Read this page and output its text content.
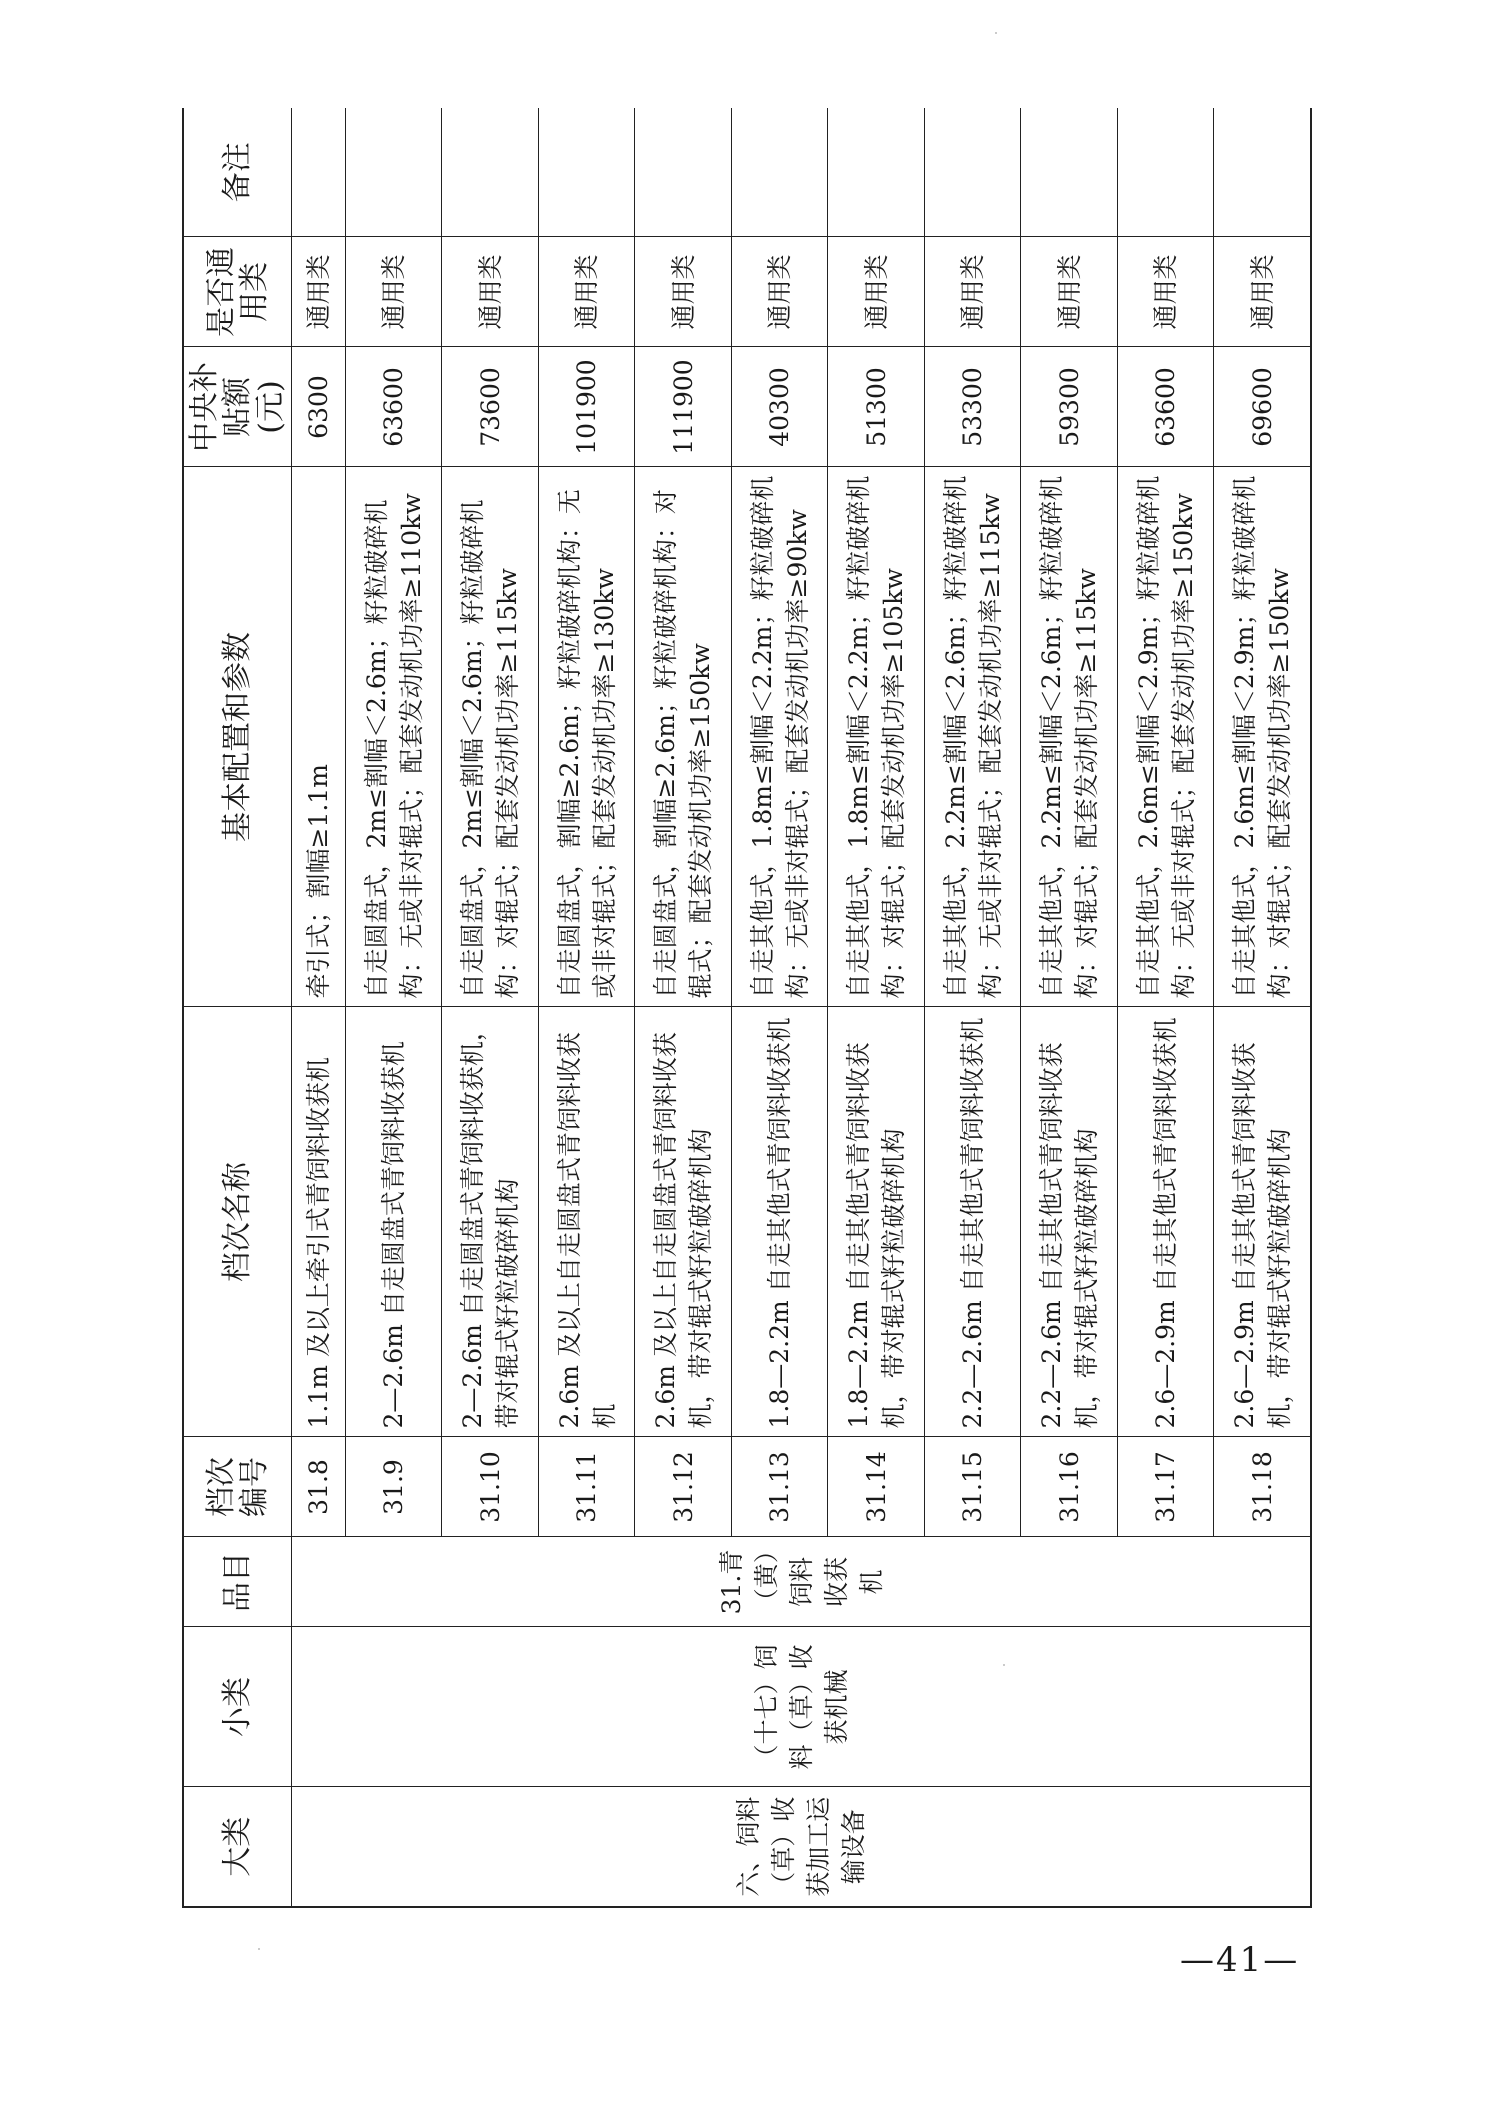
大类	小类	品目	档次编号	档次名称	基本配置和参数	中央补贴额(元)	是否通用类	备注
六、饲料（草）收获加工运输设备	（十七）饲料（草）收获机械	31.青（黄）饲料收获机	31.8	1.1m 及以上牵引式青饲料收获机	牵引式；割幅≥1.1m	6300	通用类	
			31.9	2—2.6m 自走圆盘式青饲料收获机	自走圆盘式，2m≤割幅＜2.6m；籽粒破碎机构：无或非对辊式；配套发动机功率≥110kw	63600	通用类	
			31.10	2—2.6m 自走圆盘式青饲料收获机，带对辊式籽粒破碎机构	自走圆盘式，2m≤割幅＜2.6m；籽粒破碎机构：对辊式；配套发动机功率≥115kw	73600	通用类	
			31.11	2.6m 及以上自走圆盘式青饲料收获机	自走圆盘式，割幅≥2.6m；籽粒破碎机构：无或非对辊式；配套发动机功率≥130kw	101900	通用类	
			31.12	2.6m 及以上自走圆盘式青饲料收获机，带对辊式籽粒破碎机构	自走圆盘式，割幅≥2.6m；籽粒破碎机构：对辊式；配套发动机功率≥150kw	111900	通用类	
			31.13	1.8—2.2m 自走其他式青饲料收获机	自走其他式，1.8m≤割幅＜2.2m；籽粒破碎机构：无或非对辊式；配套发动机功率≥90kw	40300	通用类	
			31.14	1.8—2.2m 自走其他式青饲料收获机，带对辊式籽粒破碎机构	自走其他式，1.8m≤割幅＜2.2m；籽粒破碎机构：对辊式；配套发动机功率≥105kw	51300	通用类	
			31.15	2.2—2.6m 自走其他式青饲料收获机	自走其他式，2.2m≤割幅＜2.6m；籽粒破碎机构：无或非对辊式；配套发动机功率≥115kw	53300	通用类	
			31.16	2.2—2.6m 自走其他式青饲料收获机，带对辊式籽粒破碎机构	自走其他式，2.2m≤割幅＜2.6m；籽粒破碎机构：对辊式；配套发动机功率≥115kw	59300	通用类	
			31.17	2.6—2.9m 自走其他式青饲料收获机	自走其他式，2.6m≤割幅＜2.9m；籽粒破碎机构：无或非对辊式；配套发动机功率≥150kw	63600	通用类	
			31.18	2.6—2.9m 自走其他式青饲料收获机，带对辊式籽粒破碎机构	自走其他式，2.6m≤割幅＜2.9m；籽粒破碎机构：对辊式；配套发动机功率≥150kw	69600	通用类	
—41—
